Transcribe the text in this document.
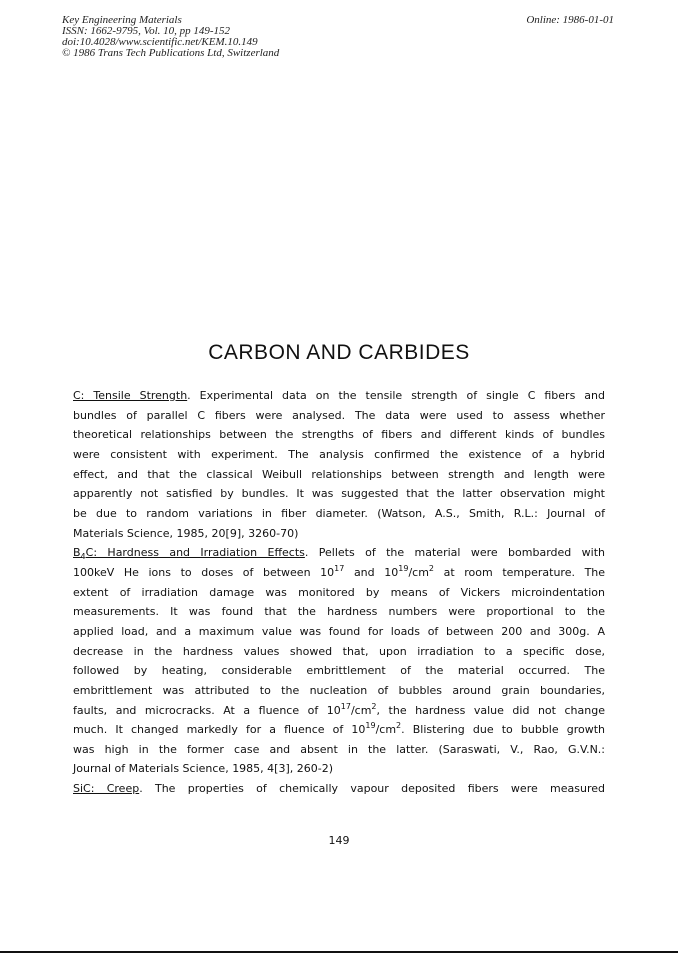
Key Engineering Materials
ISSN: 1662-9795, Vol. 10, pp 149-152
doi:10.4028/www.scientific.net/KEM.10.149
© 1986 Trans Tech Publications Ltd, Switzerland
Online: 1986-01-01
CARBON AND CARBIDES
C: Tensile Strength. Experimental data on the tensile strength of single C fibers and
bundles of parallel C fibers were analysed. The data were used to assess whether
theoretical relationships between the strengths of fibers and different kinds of bundles
were consistent with experiment. The analysis confirmed the existence of a hybrid
effect, and that the classical Weibull relationships between strength and length were
apparently not satisfied by bundles. It was suggested that the latter observation might
be due to random variations in fiber diameter. (Watson, A.S., Smith, R.L.: Journal of
Materials Science, 1985, 20[9], 3260-70)
$B_4C$: Hardness and Irradiation Effects. Pellets of the material were bombarded with
100keV He ions to doses of between $10^{17}$ and $10^{19}/cm^2$ at room temperature. The
extent of irradiation damage was monitored by means of Vickers microindentation
measurements. It was found that the hardness numbers were proportional to the
applied load, and a maximum value was found for loads of between 200 and 300g. A
decrease in the hardness values showed that, upon irradiation to a specific dose,
followed by heating, considerable embrittlement of the material occurred. The
embrittlement was attributed to the nucleation of bubbles around grain boundaries,
faults, and microcracks. At a fluence of $10^{17}/cm^2$, the hardness value did not change
much. It changed markedly for a fluence of $10^{19}/cm^2$. Blistering due to bubble growth
was high in the former case and absent in the latter. (Saraswati, V., Rao, G.V.N.:
Journal of Materials Science, 1985, 4[3], 260-2)
SiC: Creep. The properties of chemically vapour deposited fibers were measured
149
